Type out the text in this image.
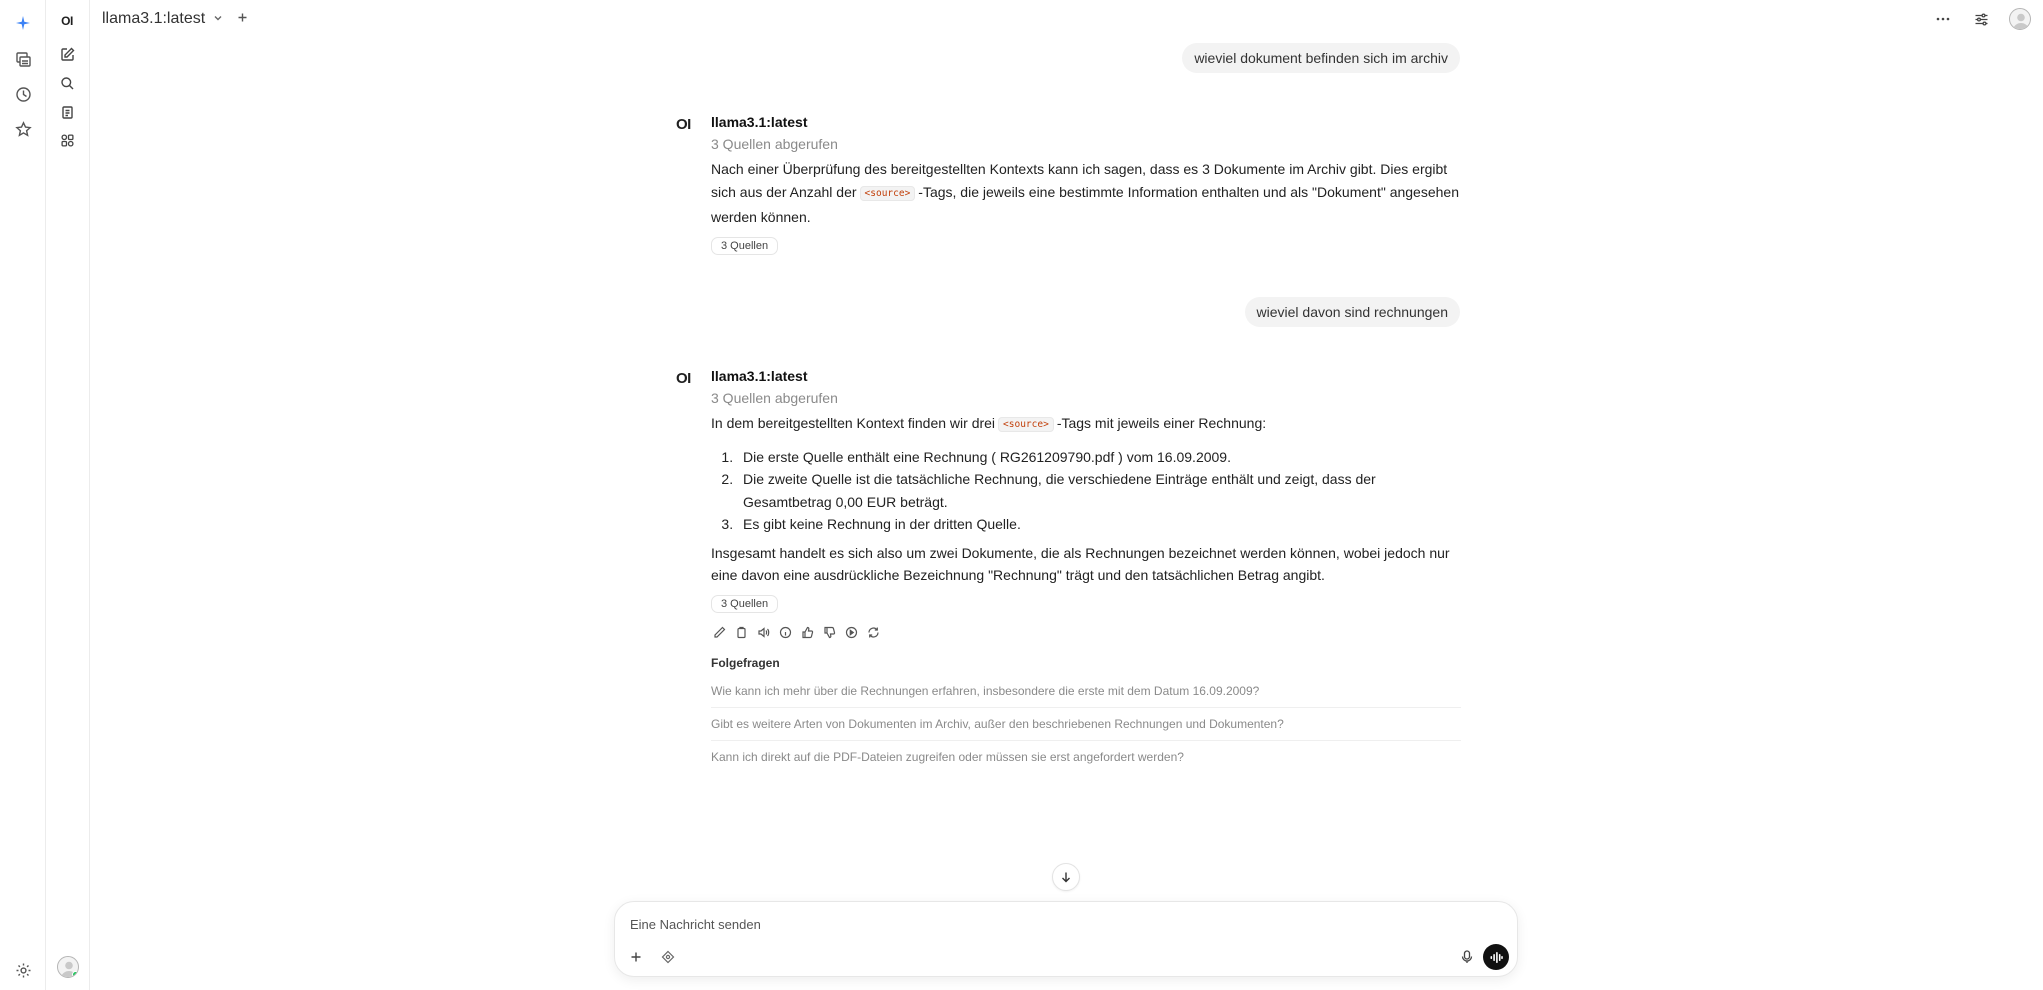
OI	llama3.1:latest
wieviel dokument befinden sich im archiv
OI llama3.1:latest
3 Quellen abgerufen
Nach einer Überprüfung des bereitgestellten Kontexts kann ich sagen, dass es 3 Dokumente im Archiv gibt. Dies ergibt sich aus der Anzahl der <source> -Tags, die jeweils eine bestimmte Information enthalten und als "Dokument" angesehen werden können.
3 Quellen
wieviel davon sind rechnungen
OI llama3.1:latest
3 Quellen abgerufen
In dem bereitgestellten Kontext finden wir drei <source> -Tags mit jeweils einer Rechnung:
1. Die erste Quelle enthält eine Rechnung ( RG261209790.pdf ) vom 16.09.2009.
2. Die zweite Quelle ist die tatsächliche Rechnung, die verschiedene Einträge enthält und zeigt, dass der Gesamtbetrag 0,00 EUR beträgt.
3. Es gibt keine Rechnung in der dritten Quelle.
Insgesamt handelt es sich also um zwei Dokumente, die als Rechnungen bezeichnet werden können, wobei jedoch nur eine davon eine ausdrückliche Bezeichnung "Rechnung" trägt und den tatsächlichen Betrag angibt.
3 Quellen
Folgefragen
Wie kann ich mehr über die Rechnungen erfahren, insbesondere die erste mit dem Datum 16.09.2009?
Gibt es weitere Arten von Dokumenten im Archiv, außer den beschriebenen Rechnungen und Dokumenten?
Kann ich direkt auf die PDF-Dateien zugreifen oder müssen sie erst angefordert werden?
Eine Nachricht senden
